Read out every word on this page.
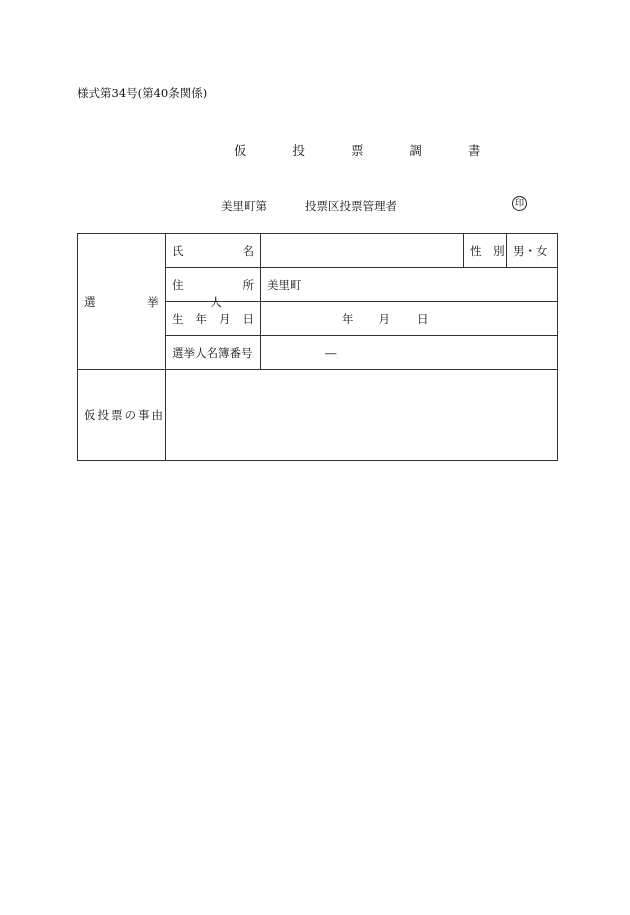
様式第34号(第40条関係)
仮 投 票 調 書
美里町第	投票区投票管理者	印
選 挙 人	氏名		性 別	男・女
	住所	美里町		
	生年月日	年 月 日		
	選挙人名簿番号	―		
仮投票の事由				
